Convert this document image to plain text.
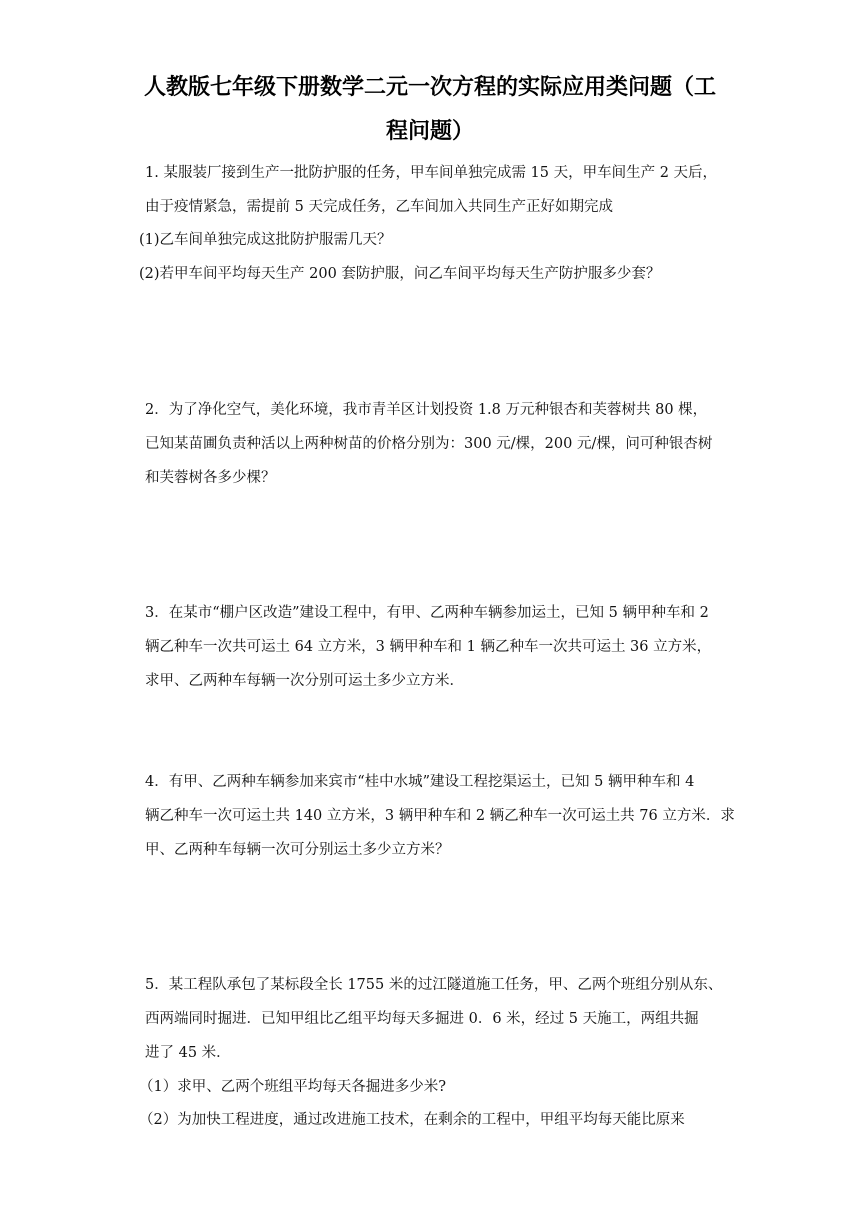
人教版七年级下册数学二元一次方程的实际应用类问题（工
程问题）
1. 某服装厂接到生产一批防护服的任务，甲车间单独完成需 15 天，甲车间生产 2 天后，
由于疫情紧急，需提前 5 天完成任务，乙车间加入共同生产正好如期完成
(1)乙车间单独完成这批防护服需几天？
(2)若甲车间平均每天生产 200 套防护服，问乙车间平均每天生产防护服多少套？
2．为了净化空气，美化环境，我市青羊区计划投资 1.8 万元种银杏和芙蓉树共 80 棵，
已知某苗圃负责种活以上两种树苗的价格分别为：300 元/棵，200 元/棵，问可种银杏树
和芙蓉树各多少棵？
3．在某市“棚户区改造”建设工程中，有甲、乙两种车辆参加运土，已知 5 辆甲种车和 2
辆乙种车一次共可运土 64 立方米，3 辆甲种车和 1 辆乙种车一次共可运土 36 立方米，
求甲、乙两种车每辆一次分别可运土多少立方米．
4．有甲、乙两种车辆参加来宾市“桂中水城”建设工程挖渠运土，已知 5 辆甲种车和 4
辆乙种车一次可运土共 140 立方米，3 辆甲种车和 2 辆乙种车一次可运土共 76 立方米．求
甲、乙两种车每辆一次可分别运土多少立方米？
5．某工程队承包了某标段全长 1755 米的过江隧道施工任务，甲、乙两个班组分别从东、
西两端同时掘进．已知甲组比乙组平均每天多掘进 0．6 米，经过 5 天施工，两组共掘
进了 45 米．
（1）求甲、乙两个班组平均每天各掘进多少米?
（2）为加快工程进度，通过改进施工技术，在剩余的工程中，甲组平均每天能比原来
